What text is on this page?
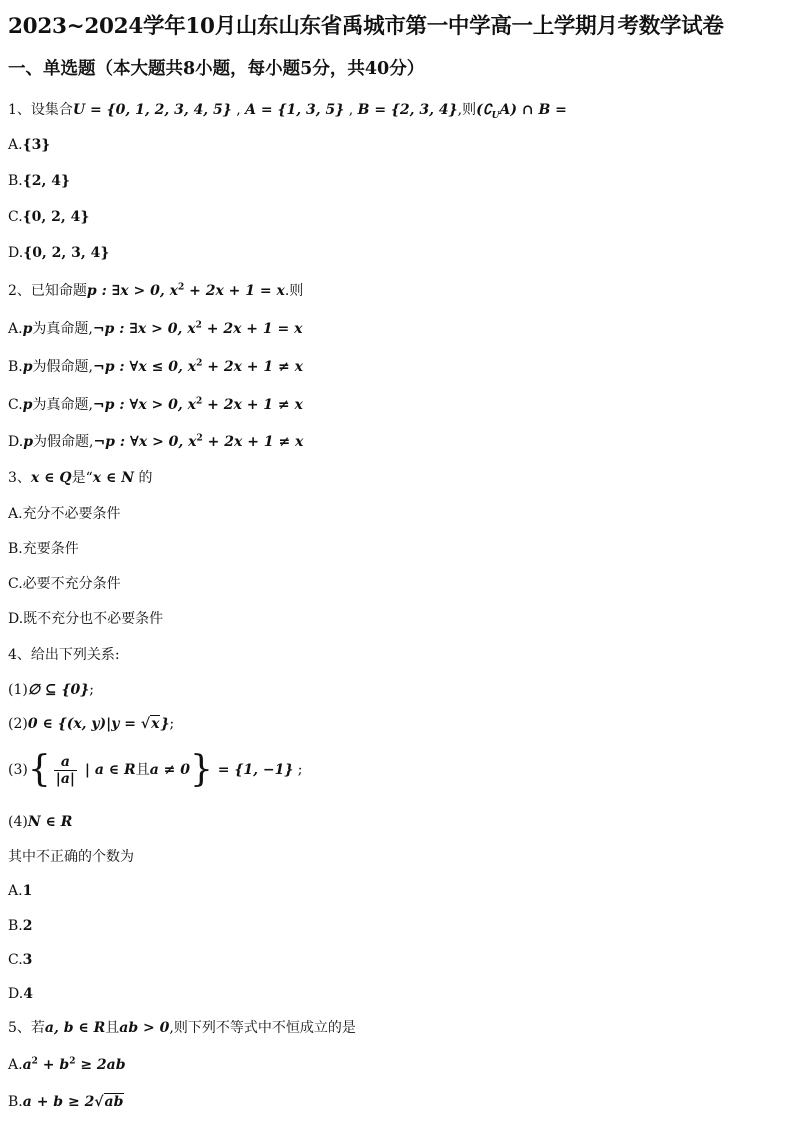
2023~2024学年10月山东山东省禹城市第一中学高一上学期月考数学试卷
一、单选题（本大题共8小题，每小题5分，共40分）
1、设集合U = {0, 1, 2, 3, 4, 5} , A = {1, 3, 5} , B = {2, 3, 4},则$(∁_UA)$ ∩ B =
A.{3}
B.{2, 4}
C.{0, 2, 4}
D.{0, 2, 3, 4}
2、已知命题p : ∃x > 0, $x^2 + 2x + 1 = x$.则
A.p为真命题,¬p : ∃x > 0, $x^2 + 2x + 1 = x$
B.p为假命题,¬p : ∀x ≤ 0, $x^2 + 2x + 1 \ne x$
C.p为真命题,¬p : ∀x > 0, $x^2 + 2x + 1 \ne x$
D.p为假命题,¬p : ∀x > 0, $x^2 + 2x + 1 \ne x$
3、x ∈ Q是“x ∈ N 的
A.充分不必要条件
B.充要条件
C.必要不充分条件
D.既不充分也不必要条件
4、给出下列关系:
(1)∅ ⊆ {0};
(2)0 ∈ {(x, y)|y = √x};
$(3)\{ \frac{a}{|a|}$ | a ∈ R且a ≠ 0} = {1, −1} ;
(4)N ∈ R
其中不正确的个数为
A.1
B.2
C.3
D.4
5、若a, b ∈ R且ab > 0,则下列不等式中不恒成立的是
$A.a^2 + b^2 \ge 2ab$
B.a + b ≥ 2√ab
